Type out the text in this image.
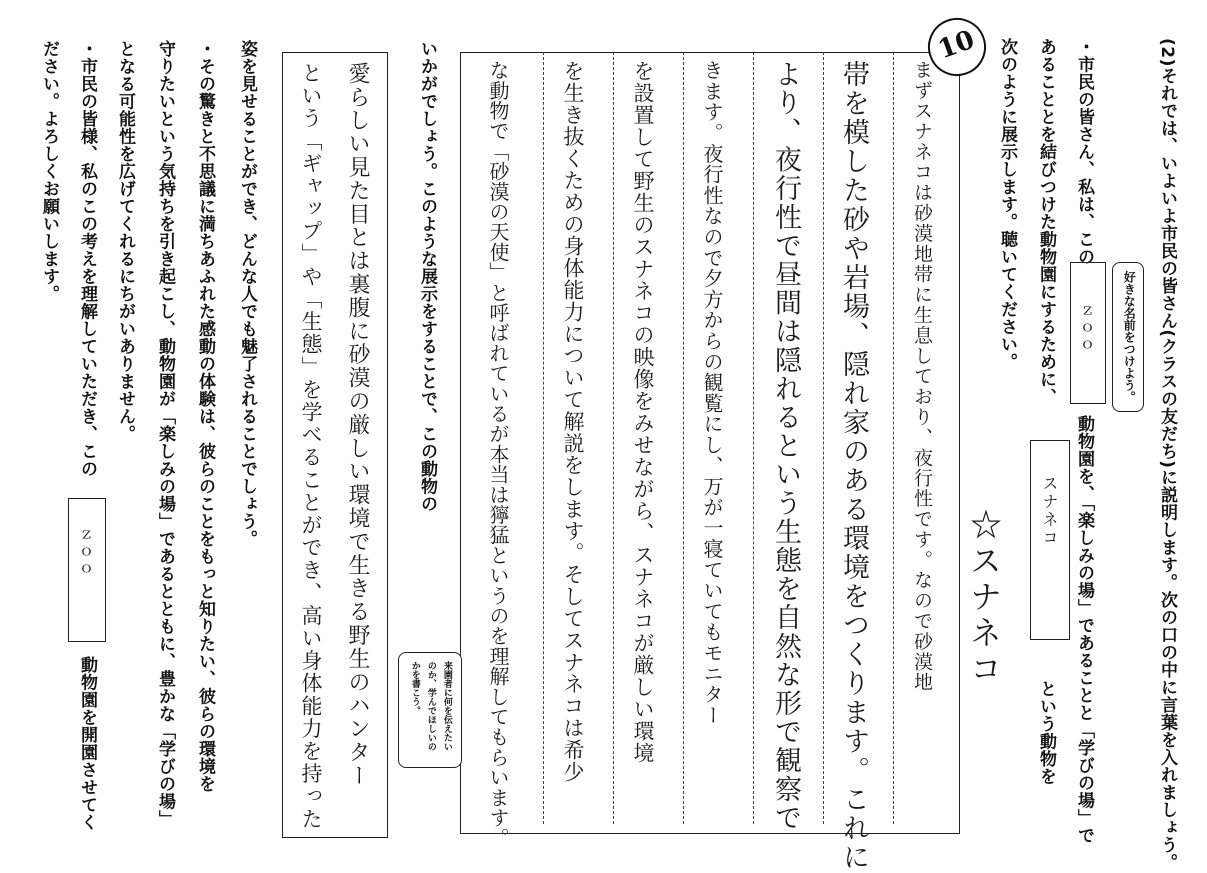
(2)それでは、いよいよ市民の皆さん(クラスの友だち)に説明します。次の口の中に言葉を入れましょう。
・市民の皆さん、私は、この
ｚｏｏ 好きな名前をつけよう。
動物園を、「楽しみの場」であることと「学びの場」で
あることとを結びつけた動物園にするために、
スナネコ
という動物を
次のように展示します。聴いてください。
☆スナネコ
10
まずスナネコは砂漠地帯に生息しており、夜行性です。なので砂漠地
帯を模した砂や岩場、隠れ家のある環境をつくります。これに
より、夜行性で昼間は隠れるという生態を自然な形で観察で
きます。夜行性なので夕方からの観覧にし、万が一寝ていてもモニター
を設置して野生のスナネコの映像をみせながら、スナネコが厳しい環境
を生き抜くための身体能力について解説をします。そしてスナネコは希少
な動物で「砂漠の天使」と呼ばれているが本当は獰猛というのを理解してもらいます。
いかがでしょう。このような展示をすることで、この動物の
愛らしい見た目とは裏腹に砂漠の厳しい環境で生きる野生のハンター
という「ギャップ」や「生態」を学べることができ、高い身体能力を持った	来園者に何を伝えたい
のか、学んでほしいの
かを書こう。
姿を見せることができ、どんな人でも魅了されることでしょう。
・その驚きと不思議に満ちあふれた感動の体験は、彼らのことをもっと知りたい、彼らの環境を
守りたいという気持ちを引き起こし、動物園が「楽しみの場」であるとともに、豊かな「学びの場」
となる可能性を広げてくれるにちがいありません。
・市民の皆様、私のこの考えを理解していただき、この
ｚｏｏ
動物園を開園させてく
ださい。よろしくお願いします。
